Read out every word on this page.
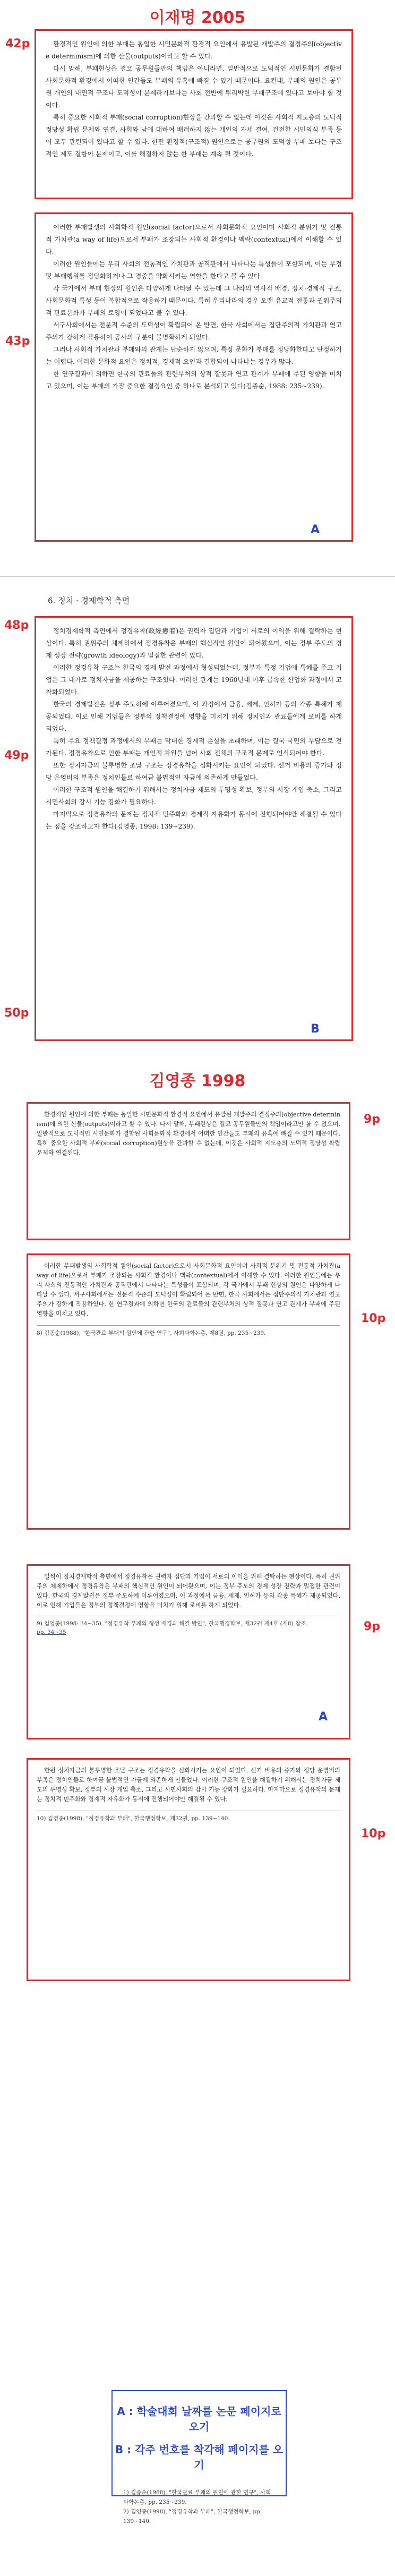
이재명 2005
42p	환경적인 원인에 의한 부패는 동일한 시민문화적 환경적 요인에서 유발된 개발주의 결정주의(objective determinism)에 의한 산물(outputs)이라고 할 수 있다.

다시 말해, 부패현상은 결코 공무원들만의 책임은 아니라면, 일반적으로 도덕적인 시민문화가 결함된 사회문화적 환경에서 어떠한 인간들도 부패의 유혹에 빠질 수 있기 때문이다. 요컨대, 부패의 원인은 공무원 개인의 내면적 구조나 도덕성이 문제라기보다는 사회 전반에 뿌리박힌 부패구조에 있다고 보아야 할 것이다.

특히 중요한 사회적 부패(social corruption)현상을 간과할 수 없는데 이것은 사회적 지도층의 도덕적 정당성 확립 문제와 연결, 사회와 남에 대하여 배려하지 않는 개인의 자세 결여, 건전한 시민의식 부족 등이 모두 관련되어 있다고 할 수 있다. 한편 환경적(구조적) 원인으로는 공무원의 도덕성 부패 보다는 구조적인 제도 결함이 문제이고, 이를 해결하지 않는 한 부패는 계속 될 것이다.

43p

이러한 부패발생의 사회학적 원인(social factor)으로서 사회문화적 요인이며 사회적 분위기 및 전통적 가치관(a way of life)으로서 부패가 조장되는 사회적 환경이나 맥락(contextual)에서 이해할 수 있다.

이러한 원인들에는 우리 사회의 전통적인 가치관과 공직관에서 나타나는 특성들이 포함되며, 이는 부정 및 부패행위를 정당화하거나 그 경중을 약화시키는 역할을 한다고 볼 수 있다.

각 국가에서 부패 현상의 원인은 다양하게 나타날 수 있는데 그 나라의 역사적 배경, 정치·경제적 구조, 사회문화적 특성 등이 복합적으로 작용하기 때문이다. 특히 우리나라의 경우 오랜 유교적 전통과 권위주의적 관료문화가 부패의 토양이 되었다고 볼 수 있다.

서구사회에서는 전문적 수준의 도덕성이 확립되어 온 반면, 한국 사회에서는 집단주의적 가치관과 연고주의가 강하게 작용하여 공사의 구분이 불명확하게 되었다.

그러나 사회적 가치관과 부패와의 관계는 단순하지 않으며, 특정 문화가 부패를 정당화한다고 단정하기는 어렵다. 이러한 문화적 요인은 정치적, 경제적 요인과 결합되어 나타나는 경우가 많다.

한 연구결과에 의하면 한국의 관료들의 관련부처의 상적 잘못과 연고 관계가 부패에 주된 영향을 미치고 있으며, 이는 부패의 가장 중요한 결정요인 중 하나로 분석되고 있다(김종순, 1988: 235~239).

A
6. 정치 · 경제학적 측면
48p
49p
50p

정치경제학적 측면에서 정경유착(政經癒着)은 권력자 집단과 기업이 서로의 이익을 위해 결탁하는 현상이다. 특히 권위주의 체제하에서 정경유착은 부패의 핵심적인 원인이 되어왔으며, 이는 정부 주도의 경제 성장 전략(growth ideology)과 밀접한 관련이 있다.

이러한 정경유착 구조는 한국의 경제 발전 과정에서 형성되었는데, 정부가 특정 기업에 특혜를 주고 기업은 그 대가로 정치자금을 제공하는 구조였다. 이러한 관계는 1960년대 이후 급속한 산업화 과정에서 고착화되었다.

한국의 경제발전은 정부 주도하에 이루어졌으며, 이 과정에서 금융, 세제, 인허가 등의 각종 특혜가 제공되었다. 이로 인해 기업들은 정부의 정책결정에 영향을 미치기 위해 정치인과 관료들에게 로비를 하게 되었다.

특히 주요 정책결정 과정에서의 부패는 막대한 경제적 손실을 초래하며, 이는 결국 국민의 부담으로 전가된다. 정경유착으로 인한 부패는 개인적 차원을 넘어 사회 전체의 구조적 문제로 인식되어야 한다.

또한 정치자금의 불투명한 조달 구조는 정경유착을 심화시키는 요인이 되었다. 선거 비용의 증가와 정당 운영비의 부족은 정치인들로 하여금 불법적인 자금에 의존하게 만들었다.

이러한 구조적 원인을 해결하기 위해서는 정치자금 제도의 투명성 확보, 정부의 시장 개입 축소, 그리고 시민사회의 감시 기능 강화가 필요하다.

마지막으로 정경유착의 문제는 정치적 민주화와 경제적 자유화가 동시에 진행되어야만 해결될 수 있다는 점을 강조하고자 한다(김영종, 1998: 139~239).

B
김영종 1998
9p

환경적인 원인에 의한 부패는 동일한 시민문화적 환경적 요인에서 유발된 개발주의 결정주의(objective determinism)에 의한 산물(outputs)이라고 할 수 있다. 다시 말해, 부패현상은 결코 공무원들만의 책임이라고만 볼 수 없으며, 일반적으로 도덕적인 시민문화가 결함된 사회문화적 환경에서 어떠한 인간들도 부패의 유혹에 빠질 수 있기 때문이다. 특히 중요한 사회적 부패(social corruption)현상을 간과할 수 없는데, 이것은 사회적 지도층의 도덕적 정당성 확립 문제와 연결된다.

10p

이러한 부패발생의 사회학적 원인(social factor)으로서 사회문화적 요인이며 사회적 분위기 및 전통적 가치관(a way of life)으로서 부패가 조장되는 사회적 환경이나 맥락(contextual)에서 이해할 수 있다. 이러한 원인들에는 우리 사회의 전통적인 가치관과 공직관에서 나타나는 특성들이 포함되며, 각 국가에서 부패 현상의 원인은 다양하게 나타날 수 있다. 서구사회에서는 전문적 수준의 도덕성이 확립되어 온 반면, 한국 사회에서는 집단주의적 가치관과 연고주의가 강하게 작용하였다. 한 연구결과에 의하면 한국의 관료들의 관련부처의 상적 잘못과 연고 관계가 부패에 주된 영향을 미치고 있다.

8) 김종순(1988), "한국관료 부패의 원인에 관한 연구", 사회과학논총, 제8권, pp. 235~239.
9p

일찍이 정치경제학적 측면에서 정경유착은 권력자 집단과 기업이 서로의 이익을 위해 결탁하는 현상이다. 특히 권위주의 체제하에서 정경유착은 부패의 핵심적인 원인이 되어왔으며, 이는 정부 주도의 경제 성장 전략과 밀접한 관련이 있다. 한국의 경제발전은 정부 주도하에 이루어졌으며, 이 과정에서 금융, 세제, 인허가 등의 각종 특혜가 제공되었다. 이로 인해 기업들은 정부의 정책결정에 영향을 미치기 위해 로비를 하게 되었다.

9) 김영종(1998: 34~35). "정경유착 부패의 형성 배경과 해결 방안", 한국행정학보, 제32권 제4호 (제8) 참조.
pp. 34~35
A
10p

한편 정치자금의 불투명한 조달 구조는 정경유착을 심화시키는 요인이 되었다. 선거 비용의 증가와 정당 운영비의 부족은 정치인들로 하여금 불법적인 자금에 의존하게 만들었다. 이러한 구조적 원인을 해결하기 위해서는 정치자금 제도의 투명성 확보, 정부의 시장 개입 축소, 그리고 시민사회의 감시 기능 강화가 필요하다. 마지막으로 정경유착의 문제는 정치적 민주화와 경제적 자유화가 동시에 진행되어야만 해결될 수 있다.

10) 김영종(1998), "정경유착과 부패", 한국행정학보, 제32권, pp. 139~140.
A : 학술대회 날짜를 논문 페이지로 오기
B : 각주 번호를 착각해 페이지를 오기
1) 김종순(1988), "한국관료 부패의 원인에 관한 연구", 사회과학논총, pp. 235~239.
2) 김영종(1998), "정경유착과 부패", 한국행정학보, pp. 139~140.
